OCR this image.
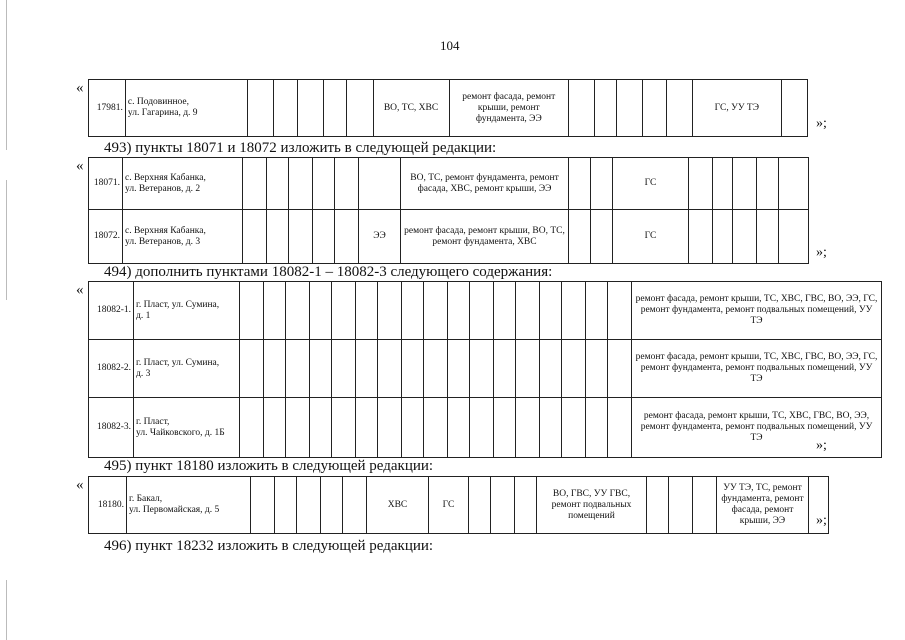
104
«
17981.	с. Подовинное,
ул. Гагарина, д. 9						ВО, ТС, ХВС	ремонт фасада, ремонт крыши, ремонт фундамента, ЭЭ						ГС, УУ ТЭ	
»;
493) пункты 18071 и 18072 изложить в следующей редакции:
«
18071.	с. Верхняя Кабанка,
ул. Ветеранов, д. 2							ВО, ТС, ремонт фундамента, ремонт фасада, ХВС, ремонт крыши, ЭЭ			ГС					
18072.	с. Верхняя Кабанка,
ул. Ветеранов, д. 3						ЭЭ	ремонт фасада, ремонт крыши, ВО, ТС, ремонт фундамента, ХВС			ГС					
»;
494) дополнить пунктами 18082-1 – 18082-3 следующего содержания:
«
18082-1.	г. Пласт, ул. Сумина,
д. 1																		ремонт фасада, ремонт крыши, ТС, ХВС, ГВС, ВО, ЭЭ, ГС, ремонт фундамента, ремонт подвальных помещений, УУ ТЭ
18082-2.	г. Пласт, ул. Сумина,
д. 3																		ремонт фасада, ремонт крыши, ТС, ХВС, ГВС, ВО, ЭЭ, ГС, ремонт фундамента, ремонт подвальных помещений, УУ ТЭ
18082-3.	г. Пласт,
ул. Чайковского, д. 1Б																		ремонт фасада, ремонт крыши, ТС, ХВС, ГВС, ВО, ЭЭ, ремонт фундамента, ремонт подвальных помещений, УУ ТЭ	»;
495) пункт 18180 изложить в следующей редакции:
«
18180.	г. Бакал,
ул. Первомайская, д. 5						ХВС	ГС				ВО, ГВС, УУ ГВС, ремонт подвальных помещений				УУ ТЭ, ТС, ремонт фундамента, ремонт фасада, ремонт крыши, ЭЭ	»;
496) пункт 18232 изложить в следующей редакции:
